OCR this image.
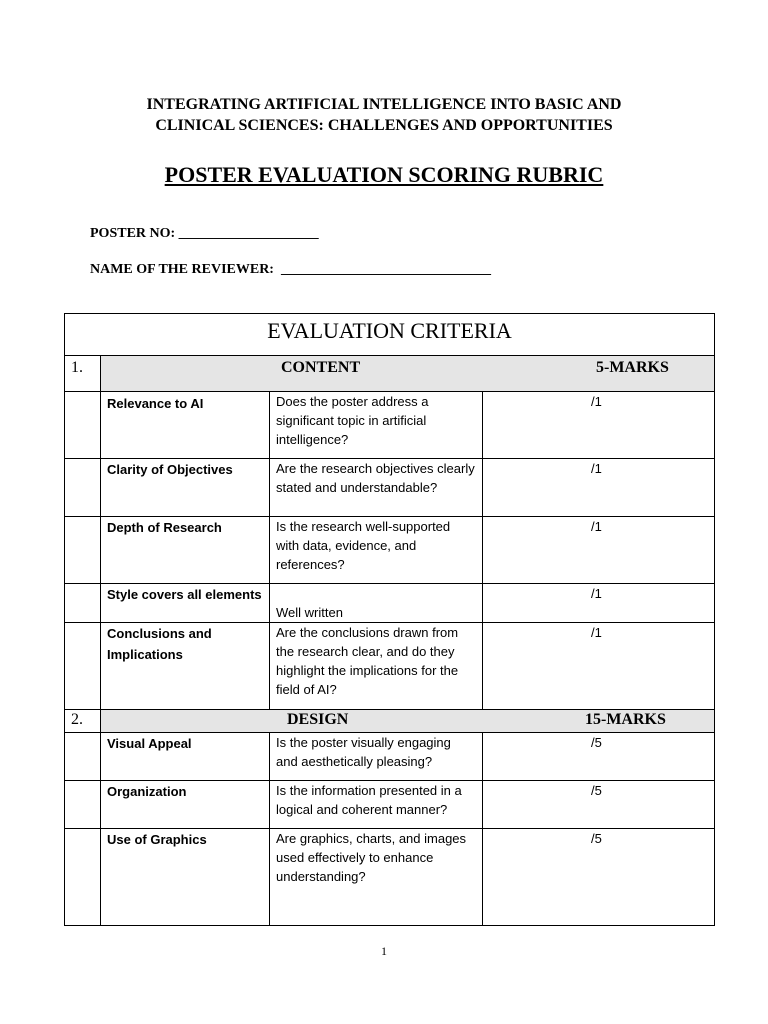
INTEGRATING ARTIFICIAL INTELLIGENCE INTO BASIC AND
CLINICAL SCIENCES: CHALLENGES AND OPPORTUNITIES
POSTER EVALUATION SCORING RUBRIC
POSTER NO: ____________________
NAME OF THE REVIEWER:  ______________________________
EVALUATION CRITERIA			
1.	CONTENT 5-MARKS		

	Relevance to AI	Does the poster address a significant topic in artificial intelligence?	/1
	Clarity of Objectives	Are the research objectives clearly stated and understandable?	/1
	Depth of Research	Is the research well-supported with data, evidence, and references?	/1
	Style covers all elements	Well written	/1
	Conclusions and Implications	Are the conclusions drawn from the research clear, and do they highlight the implications for the field of AI?	/1
2.	DESIGN 15-MARKS		

	Visual Appeal	Is the poster visually engaging and aesthetically pleasing?	/5
	Organization	Is the information presented in a logical and coherent manner?	/5
	Use of Graphics	Are graphics, charts, and images used effectively to enhance understanding?	/5
1
